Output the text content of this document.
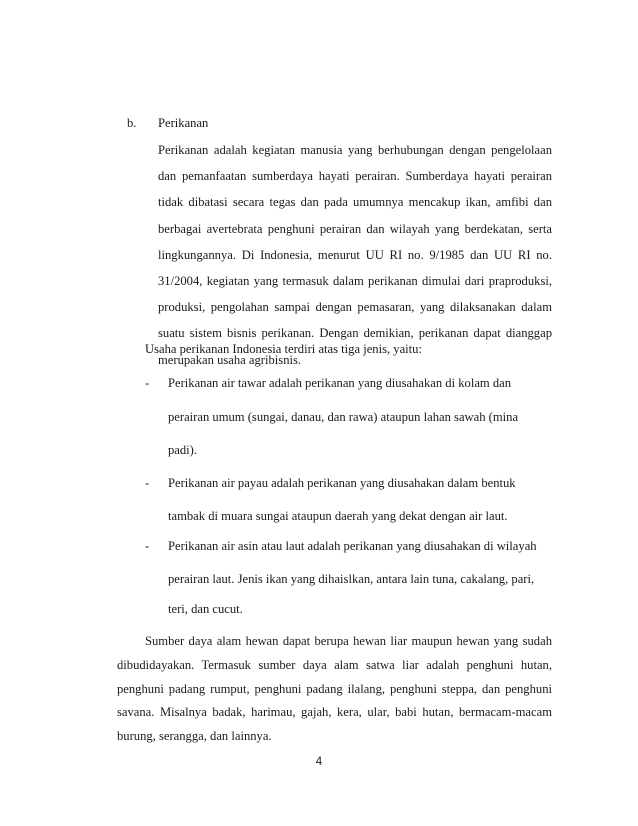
b. Perikanan
Perikanan adalah kegiatan manusia yang berhubungan dengan pengelolaan
dan pemanfaatan sumberdaya hayati perairan. Sumberdaya hayati perairan
tidak dibatasi secara tegas dan pada umumnya mencakup ikan, amfibi dan
berbagai avertebrata penghuni perairan dan wilayah yang berdekatan, serta
lingkungannya. Di Indonesia, menurut UU RI no. 9/1985 dan UU RI no.
31/2004, kegiatan yang termasuk dalam perikanan dimulai dari praproduksi,
produksi, pengolahan sampai dengan pemasaran, yang dilaksanakan dalam
suatu sistem bisnis perikanan. Dengan demikian, perikanan dapat dianggap
merupakan usaha agribisnis.
Usaha perikanan Indonesia terdiri atas tiga jenis, yaitu:
- Perikanan air tawar adalah perikanan yang diusahakan di kolam dan
perairan umum (sungai, danau, dan rawa) ataupun lahan sawah (mina
padi).
- Perikanan air payau adalah perikanan yang diusahakan dalam bentuk
tambak di muara sungai ataupun daerah yang dekat dengan air laut.
- Perikanan air asin atau laut adalah perikanan yang diusahakan di wilayah
perairan laut. Jenis ikan yang dihaislkan, antara lain tuna, cakalang, pari,
teri, dan cucut.
Sumber daya alam hewan dapat berupa hewan liar maupun hewan yang sudah
dibudidayakan. Termasuk sumber daya alam satwa liar adalah penghuni hutan,
penghuni padang rumput, penghuni padang ilalang, penghuni steppa, dan penghuni
savana. Misalnya badak, harimau, gajah, kera, ular, babi hutan, bermacam-macam
burung, serangga, dan lainnya.
4
